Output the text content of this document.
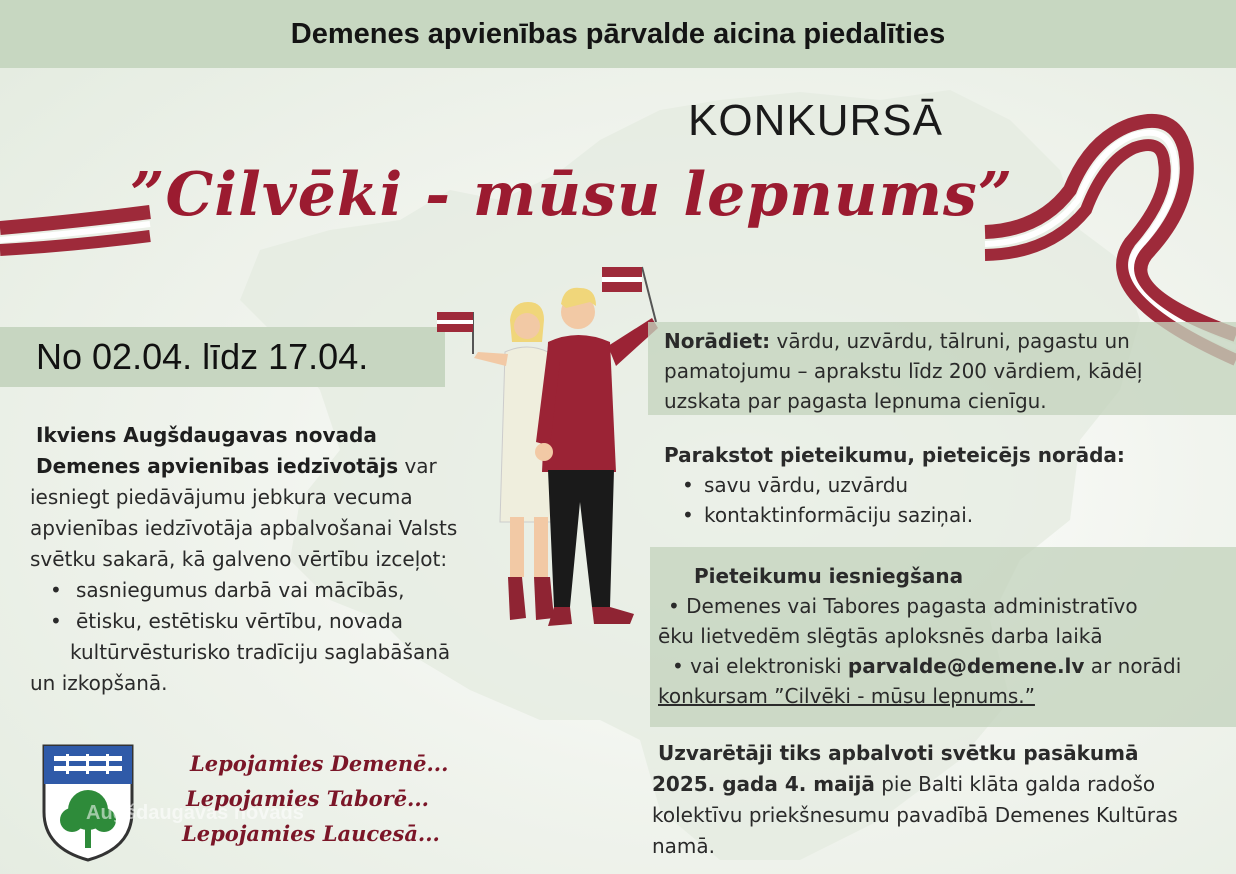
Demenes apvienības pārvalde aicina piedalīties
KONKURSĀ
”Cilvēki - mūsu lepnums”
No 02.04. līdz 17.04.
Ikviens Augšdaugavas novada
Demenes apvienības iedzīvotājs var
iesniegt piedāvājumu jebkura vecuma apvienības iedzīvotāja apbalvošanai Valsts svētku sakarā, kā galveno vērtību izceļot:
• sasniegumus darbā vai mācībās,
• ētisku, estētisku vērtību, novada
kultūrvēsturisko tradīciju saglabāšanā
un izkopšanā.
Norādiet: vārdu, uzvārdu, tālruni, pagastu un pamatojumu – aprakstu līdz 200 vārdiem, kādēļ uzskata par pagasta lepnuma cienīgu.
Parakstot pieteikumu, pieteicējs norāda:
• savu vārdu, uzvārdu
• kontaktinformāciju saziņai.
Pieteikumu iesniegšana
• Demenes vai Tabores pagasta administratīvo
ēku lietvedēm slēgtās aploksnēs darba laikā
• vai elektroniski parvalde@demene.lv ar norādi
konkursam ”Cilvēki - mūsu lepnums.”
Uzvarētāji tiks apbalvoti svētku pasākumā
2025. gada 4. maijā pie Balti klāta galda radošo kolektīvu priekšnesumu pavadībā Demenes Kultūras namā.
Augšdaugavas novads
Lepojamies Demenē...
Lepojamies Taborē...
Lepojamies Laucesā...
